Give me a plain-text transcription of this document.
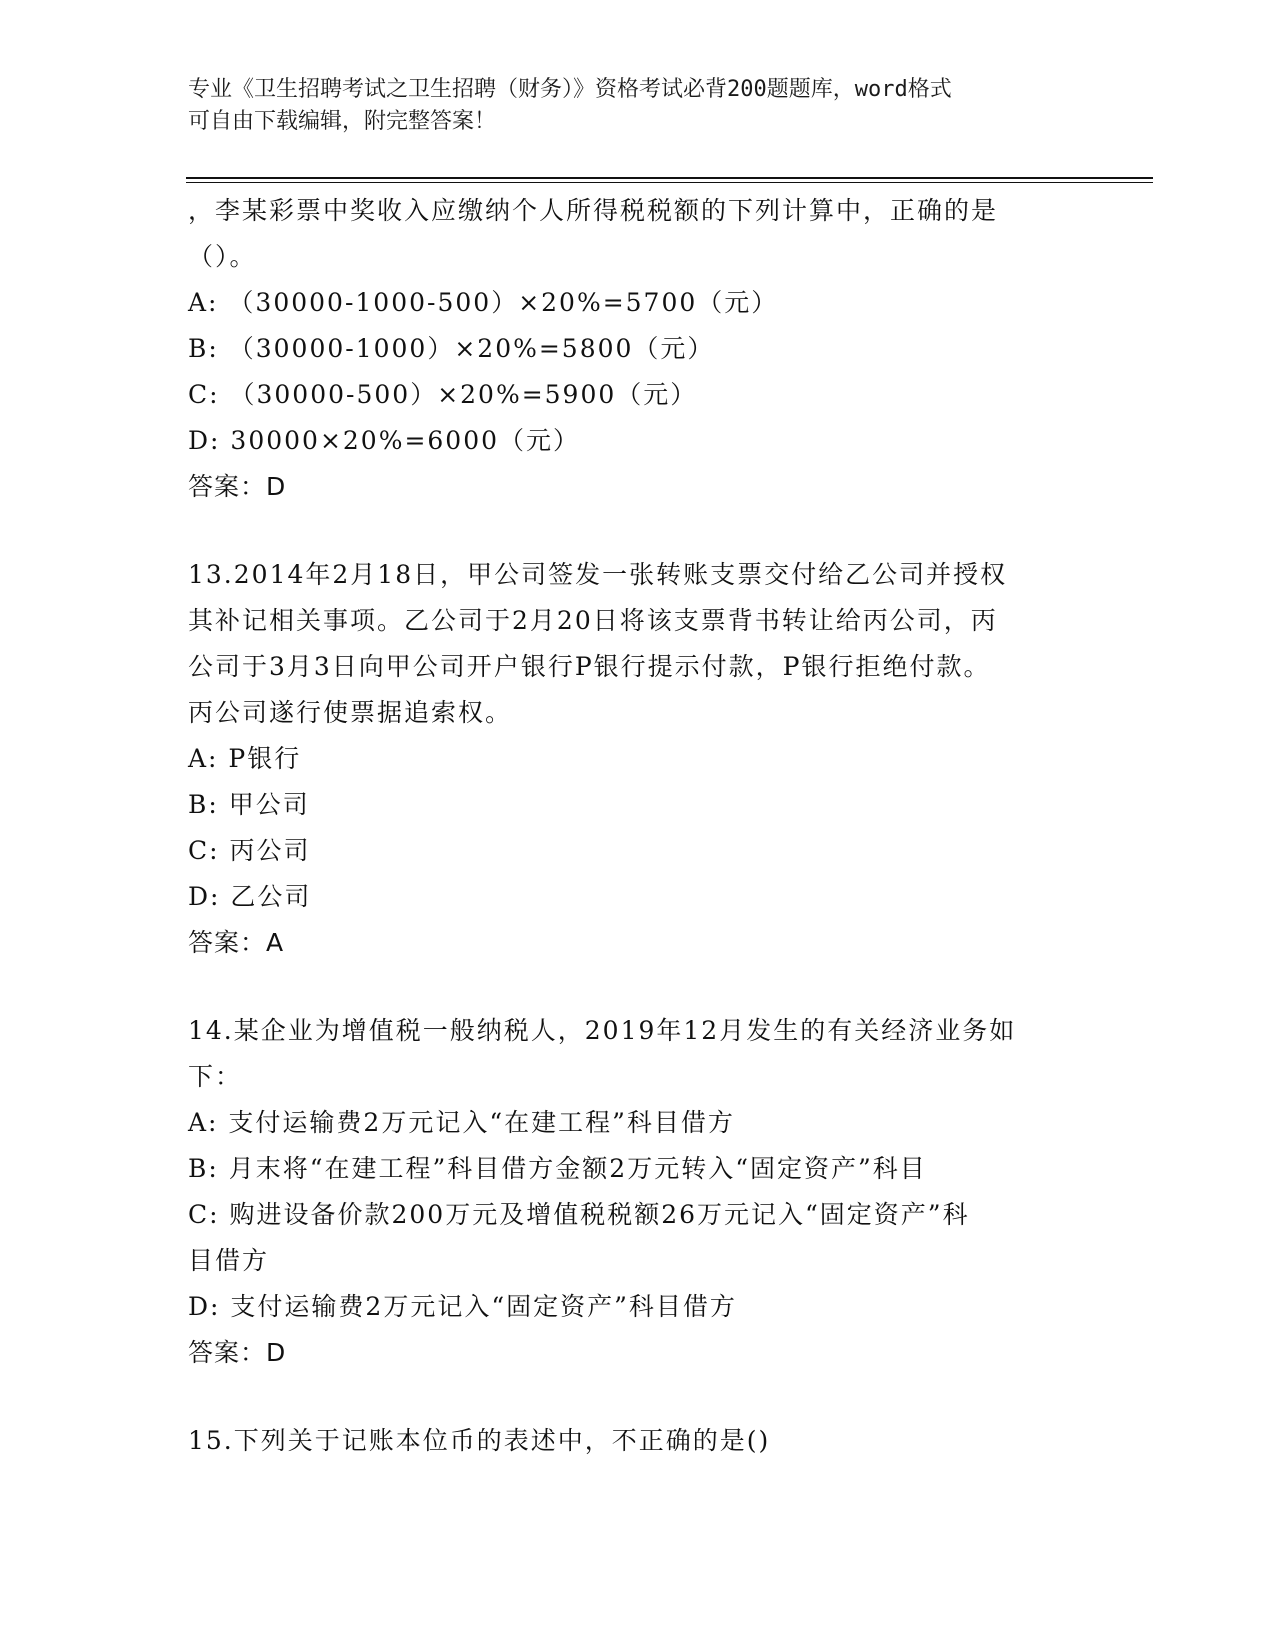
专业《卫生招聘考试之卫生招聘（财务）》资格考试必背200题题库，word格式
可自由下载编辑，附完整答案！
，李某彩票中奖收入应缴纳个人所得税税额的下列计算中，正确的是
（）。
A: （30000-1000-500）×20%=5700（元）
B: （30000-1000）×20%=5800（元）
C: （30000-500）×20%=5900（元）
D: 30000×20%=6000（元）
答案：D
13.2014年2月18日，甲公司签发一张转账支票交付给乙公司并授权
其补记相关事项。乙公司于2月20日将该支票背书转让给丙公司，丙
公司于3月3日向甲公司开户银行P银行提示付款，P银行拒绝付款。
丙公司遂行使票据追索权。
A: P银行
B: 甲公司
C: 丙公司
D: 乙公司
答案：A
14.某企业为增值税一般纳税人，2019年12月发生的有关经济业务如
下：
A: 支付运输费2万元记入“在建工程”科目借方
B: 月末将“在建工程”科目借方金额2万元转入“固定资产”科目
C: 购进设备价款200万元及增值税税额26万元记入“固定资产”科
目借方
D: 支付运输费2万元记入“固定资产”科目借方
答案：D
15.下列关于记账本位币的表述中，不正确的是()
